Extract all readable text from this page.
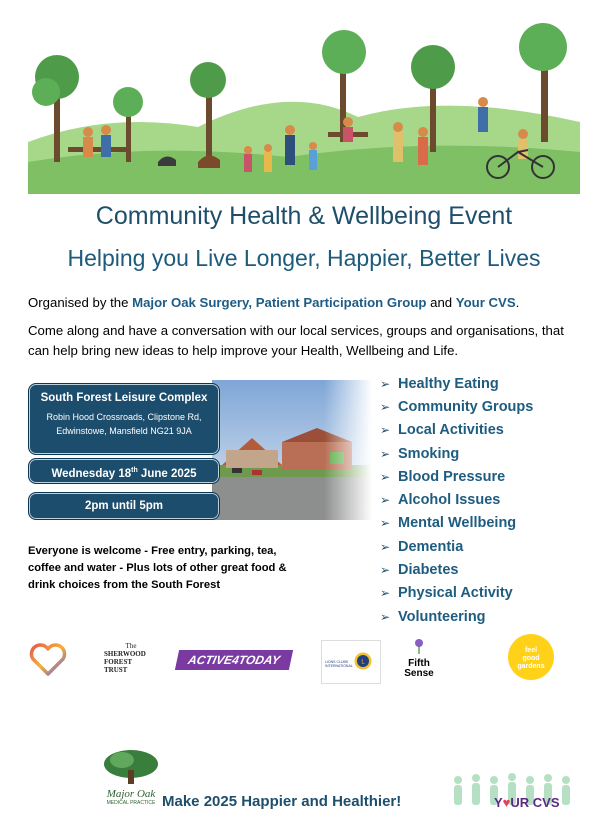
Community Health & Wellbeing Event
Helping you Live Longer, Happier, Better Lives

Organised by the Major Oak Surgery, Patient Participation Group and Your CVS.

Come along and have a conversation with our local services, groups and organisations, that can help bring new ideas to help improve your Health, Wellbeing and Life.

South Forest Leisure Complex
Robin Hood Crossroads, Clipstone Rd,
Edwinstowe, Mansfield NG21 9JA
Wednesday 18th June 2025
2pm until 5pm

Everyone is welcome - Free entry, parking, tea, coffee and water - Plus lots of other great food & drink choices from the South Forest

➢ Healthy Eating
➢ Community Groups
➢ Local Activities
➢ Smoking
➢ Blood Pressure
➢ Alcohol Issues
➢ Mental Wellbeing
➢ Dementia
➢ Diabetes
➢ Physical Activity
➢ Volunteering
The
SHERWOOD
FOREST
TRUST
ACTIVE4TODAY	LIONS CLUBS INTERNATIONAL
L	Fifth
Sense
feel
good
gardens
Major Oak
MEDICAL PRACTICE Make 2025 Happier and Healthier!	Y♥UR CVS
